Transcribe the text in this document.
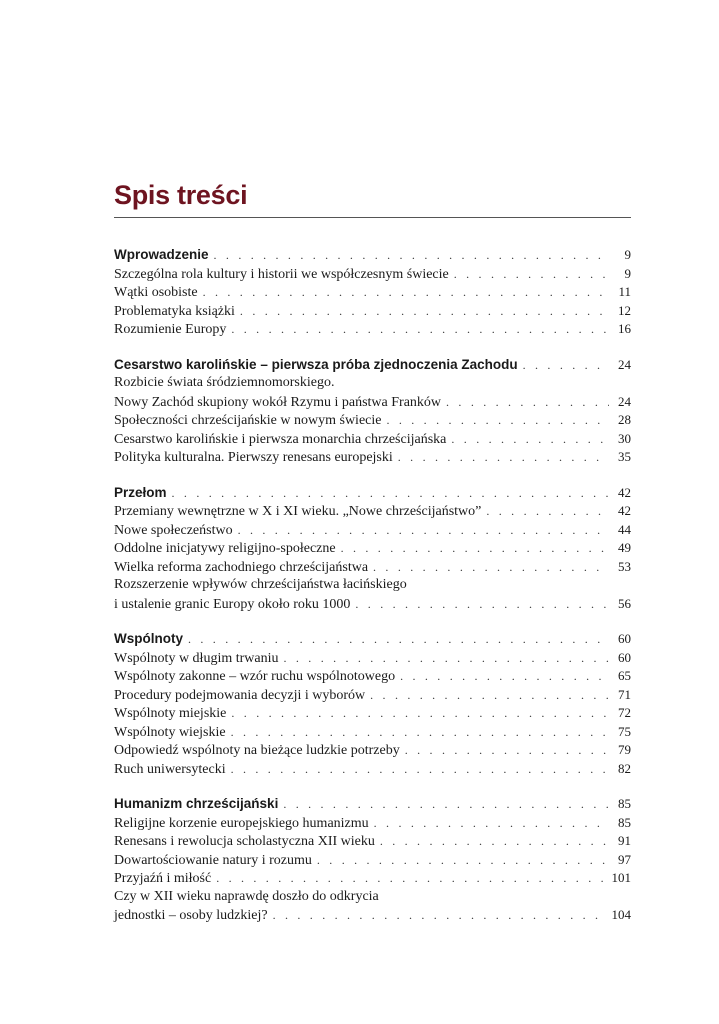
Spis treści
Wprowadzenie . . .	9
Szczególna rola kultury i historii we współczesnym świecie . . .	9
Wątki osobiste . . .	11
Problematyka książki . . .	12
Rozumienie Europy . . .	16
Cesarstwo karolińskie – pierwsza próba zjednoczenia Zachodu . . .	24
Rozbicie świata śródziemnomorskiego.
Nowy Zachód skupiony wokół Rzymu i państwa Franków . . .	24
Społeczności chrześcijańskie w nowym świecie . . .	28
Cesarstwo karolińskie i pierwsza monarchia chrześcijańska . . .	30
Polityka kulturalna. Pierwszy renesans europejski . . .	35
Przełom . . .	42
Przemiany wewnętrzne w X i XI wieku. „Nowe chrześcijaństwo” . . .	42
Nowe społeczeństwo . . .	44
Oddolne inicjatywy religijno-społeczne . . .	49
Wielka reforma zachodniego chrześcijaństwa . . .	53
Rozszerzenie wpływów chrześcijaństwa łacińskiego
i ustalenie granic Europy około roku 1000 . . .	56
Wspólnoty . . .	60
Wspólnoty w długim trwaniu . . .	60
Wspólnoty zakonne – wzór ruchu wspólnotowego . . .	65
Procedury podejmowania decyzji i wyborów . . .	71
Wspólnoty miejskie . . .	72
Wspólnoty wiejskie . . .	75
Odpowiedź wspólnoty na bieżące ludzkie potrzeby . . .	79
Ruch uniwersytecki . . .	82
Humanizm chrześcijański . . .	85
Religijne korzenie europejskiego humanizmu . . .	85
Renesans i rewolucja scholastyczna XII wieku . . .	91
Dowartościowanie natury i rozumu . . .	97
Przyjaźń i miłość . . .	101
Czy w XII wieku naprawdę doszło do odkrycia
jednostki – osoby ludzkiej? . . .	104
